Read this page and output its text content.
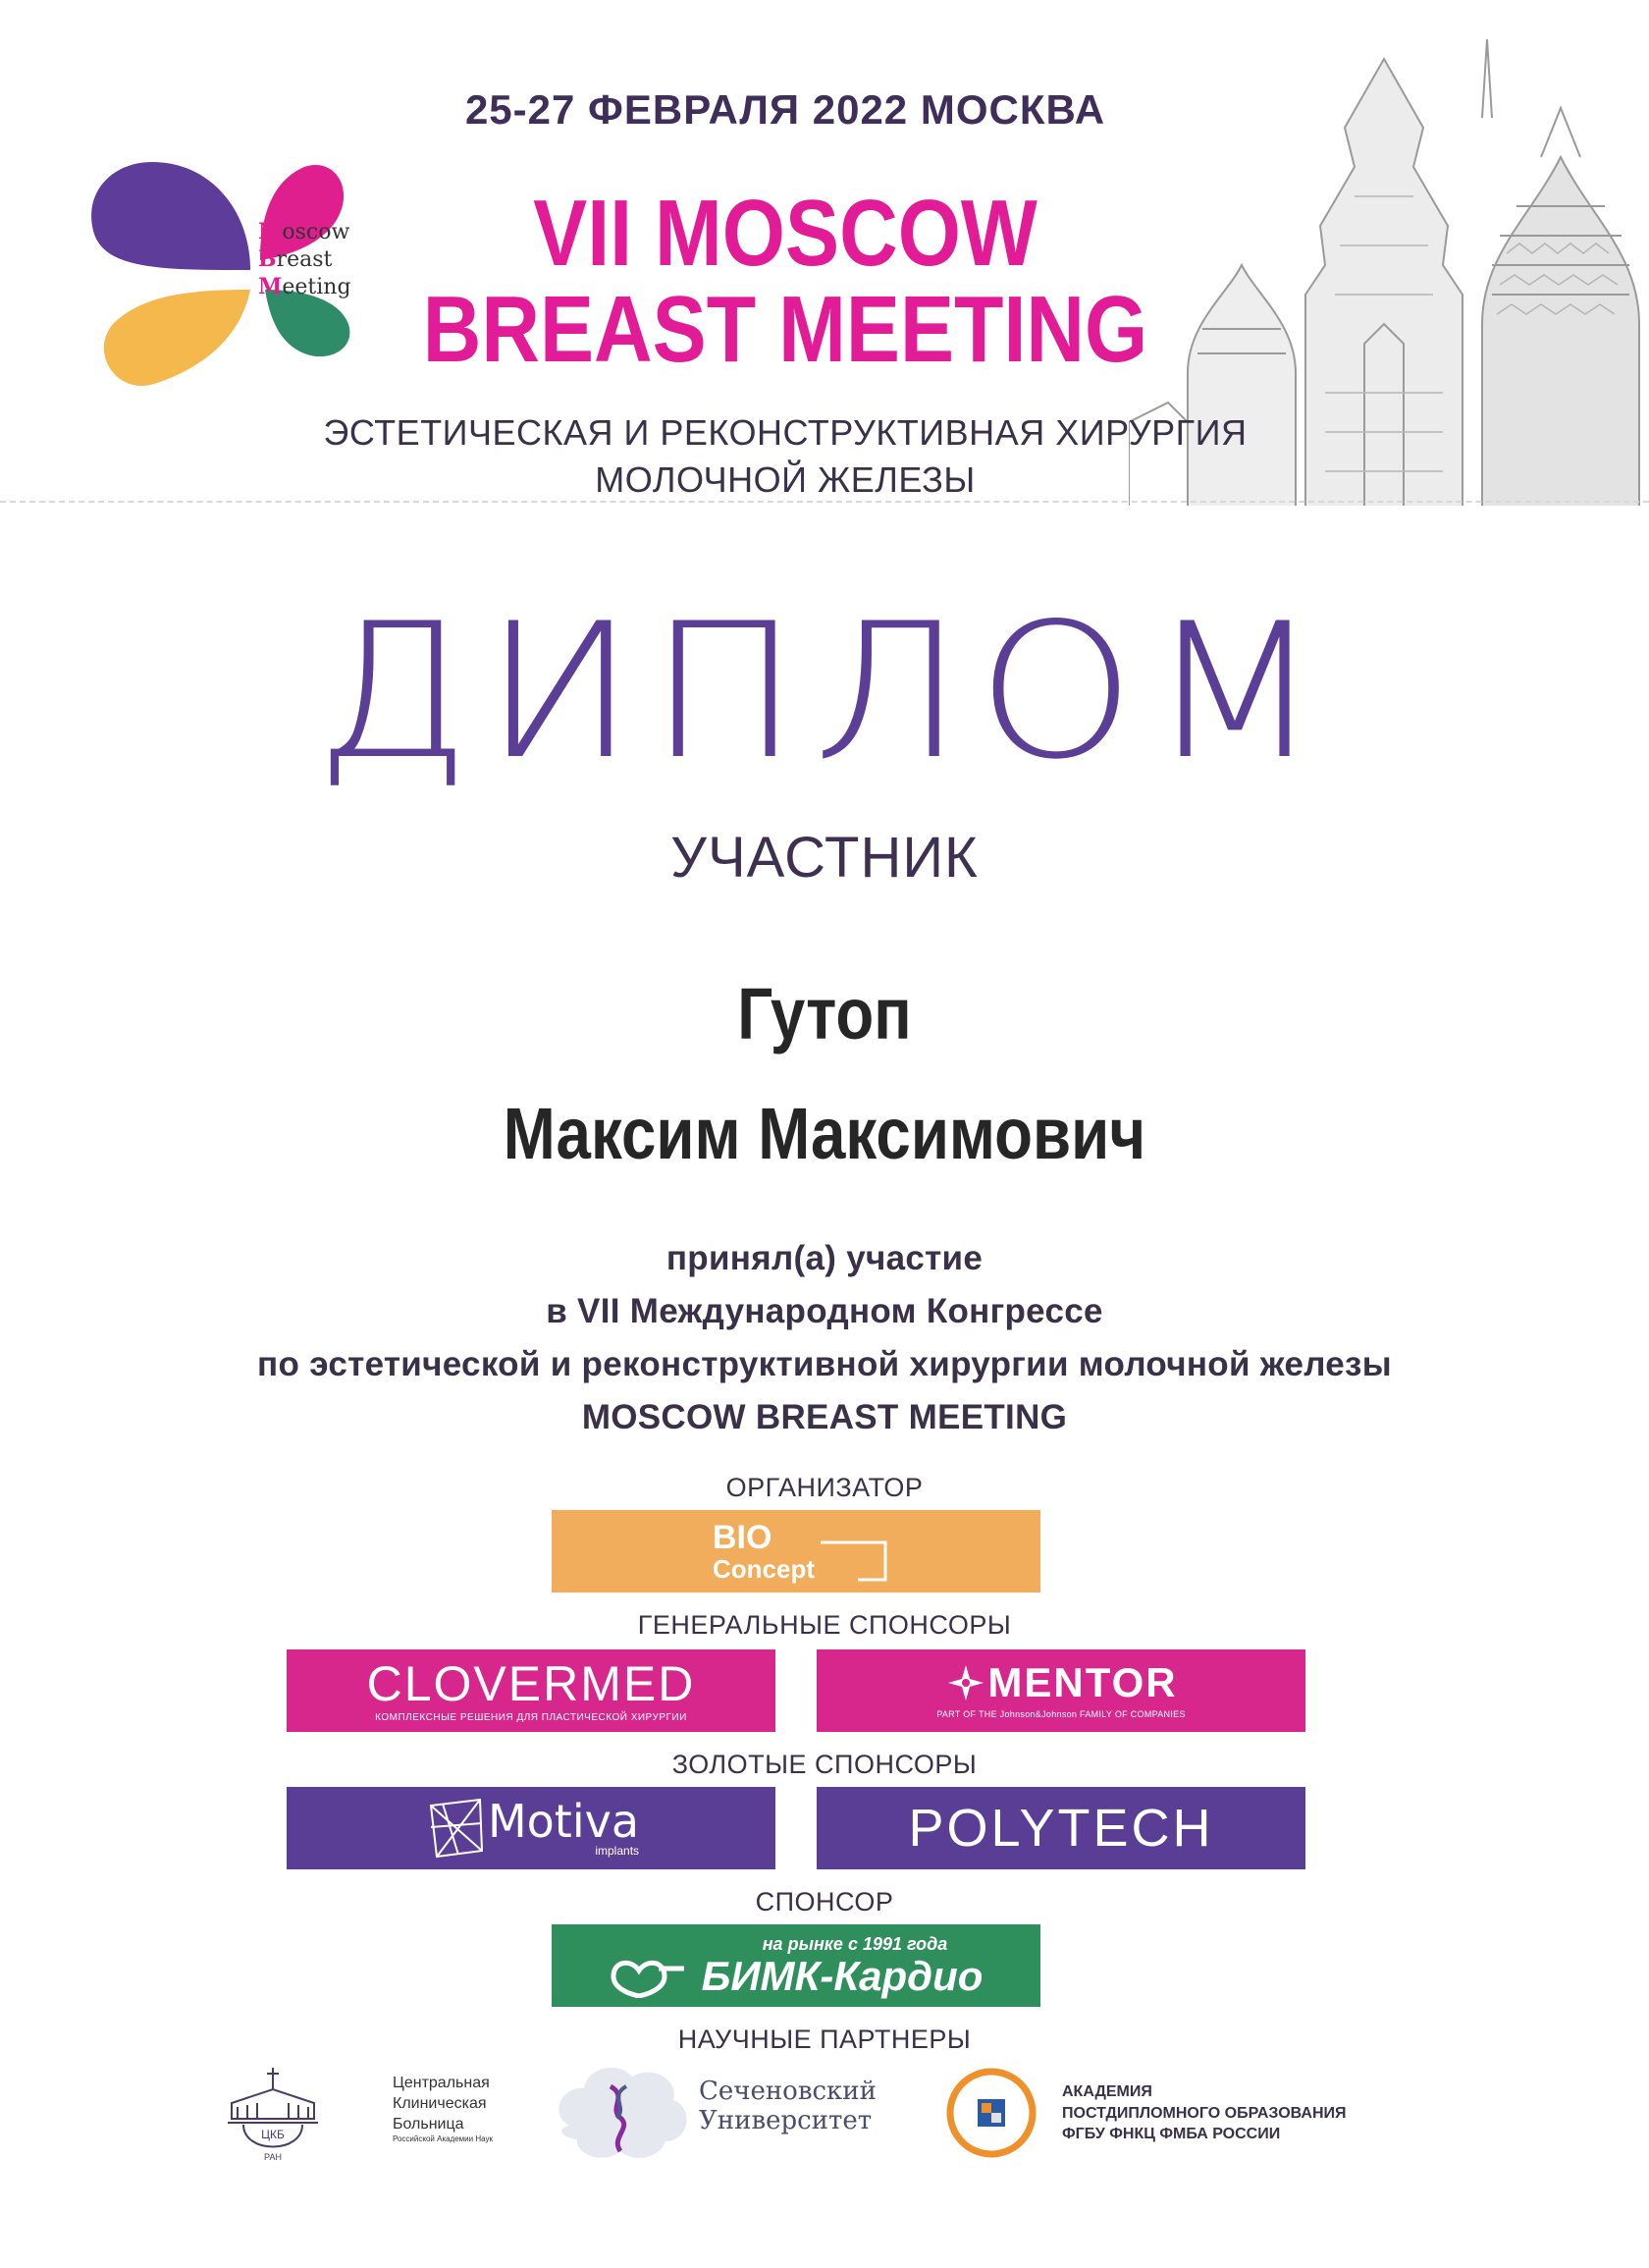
Moscow
Breast
Meeting
25-27 ФЕВРАЛЯ 2022 МОСКВА
VII MOSCOW
BREAST MEETING
ЭСТЕТИЧЕСКАЯ И РЕКОНСТРУКТИВНАЯ ХИРУРГИЯ
МОЛОЧНОЙ ЖЕЛЕЗЫ
ДИПЛОМ
УЧАСТНИК
Гутоп
Максим Максимович
принял(а) участие
в VII Международном Конгрессе
по эстетической и реконструктивной хирургии молочной железы
MOSCOW BREAST MEETING
ОРГАНИЗАТОР
BIO
Concept
ГЕНЕРАЛЬНЫЕ СПОНСОРЫ
CLOVERMED
КОМПЛЕКСНЫЕ РЕШЕНИЯ ДЛЯ ПЛАСТИЧЕСКОЙ ХИРУРГИИ
MENTOR
PART OF THE Johnson&Johnson FAMILY OF COMPANIES
ЗОЛОТЫЕ СПОНСОРЫ
Motiva
implants	POLYTECH
СПОНСОР
на рынке с 1991 года
БИМК-Кардио
НАУЧНЫЕ ПАРТНЕРЫ
ЦКБ
РАН
Центральная
Клиническая
Больница
Российской Академии Наук
Сеченовский
Университет
АКАДЕМИЯ
ПОСТДИПЛОМНОГО ОБРАЗОВАНИЯ
ФГБУ ФНКЦ ФМБА РОССИИ
